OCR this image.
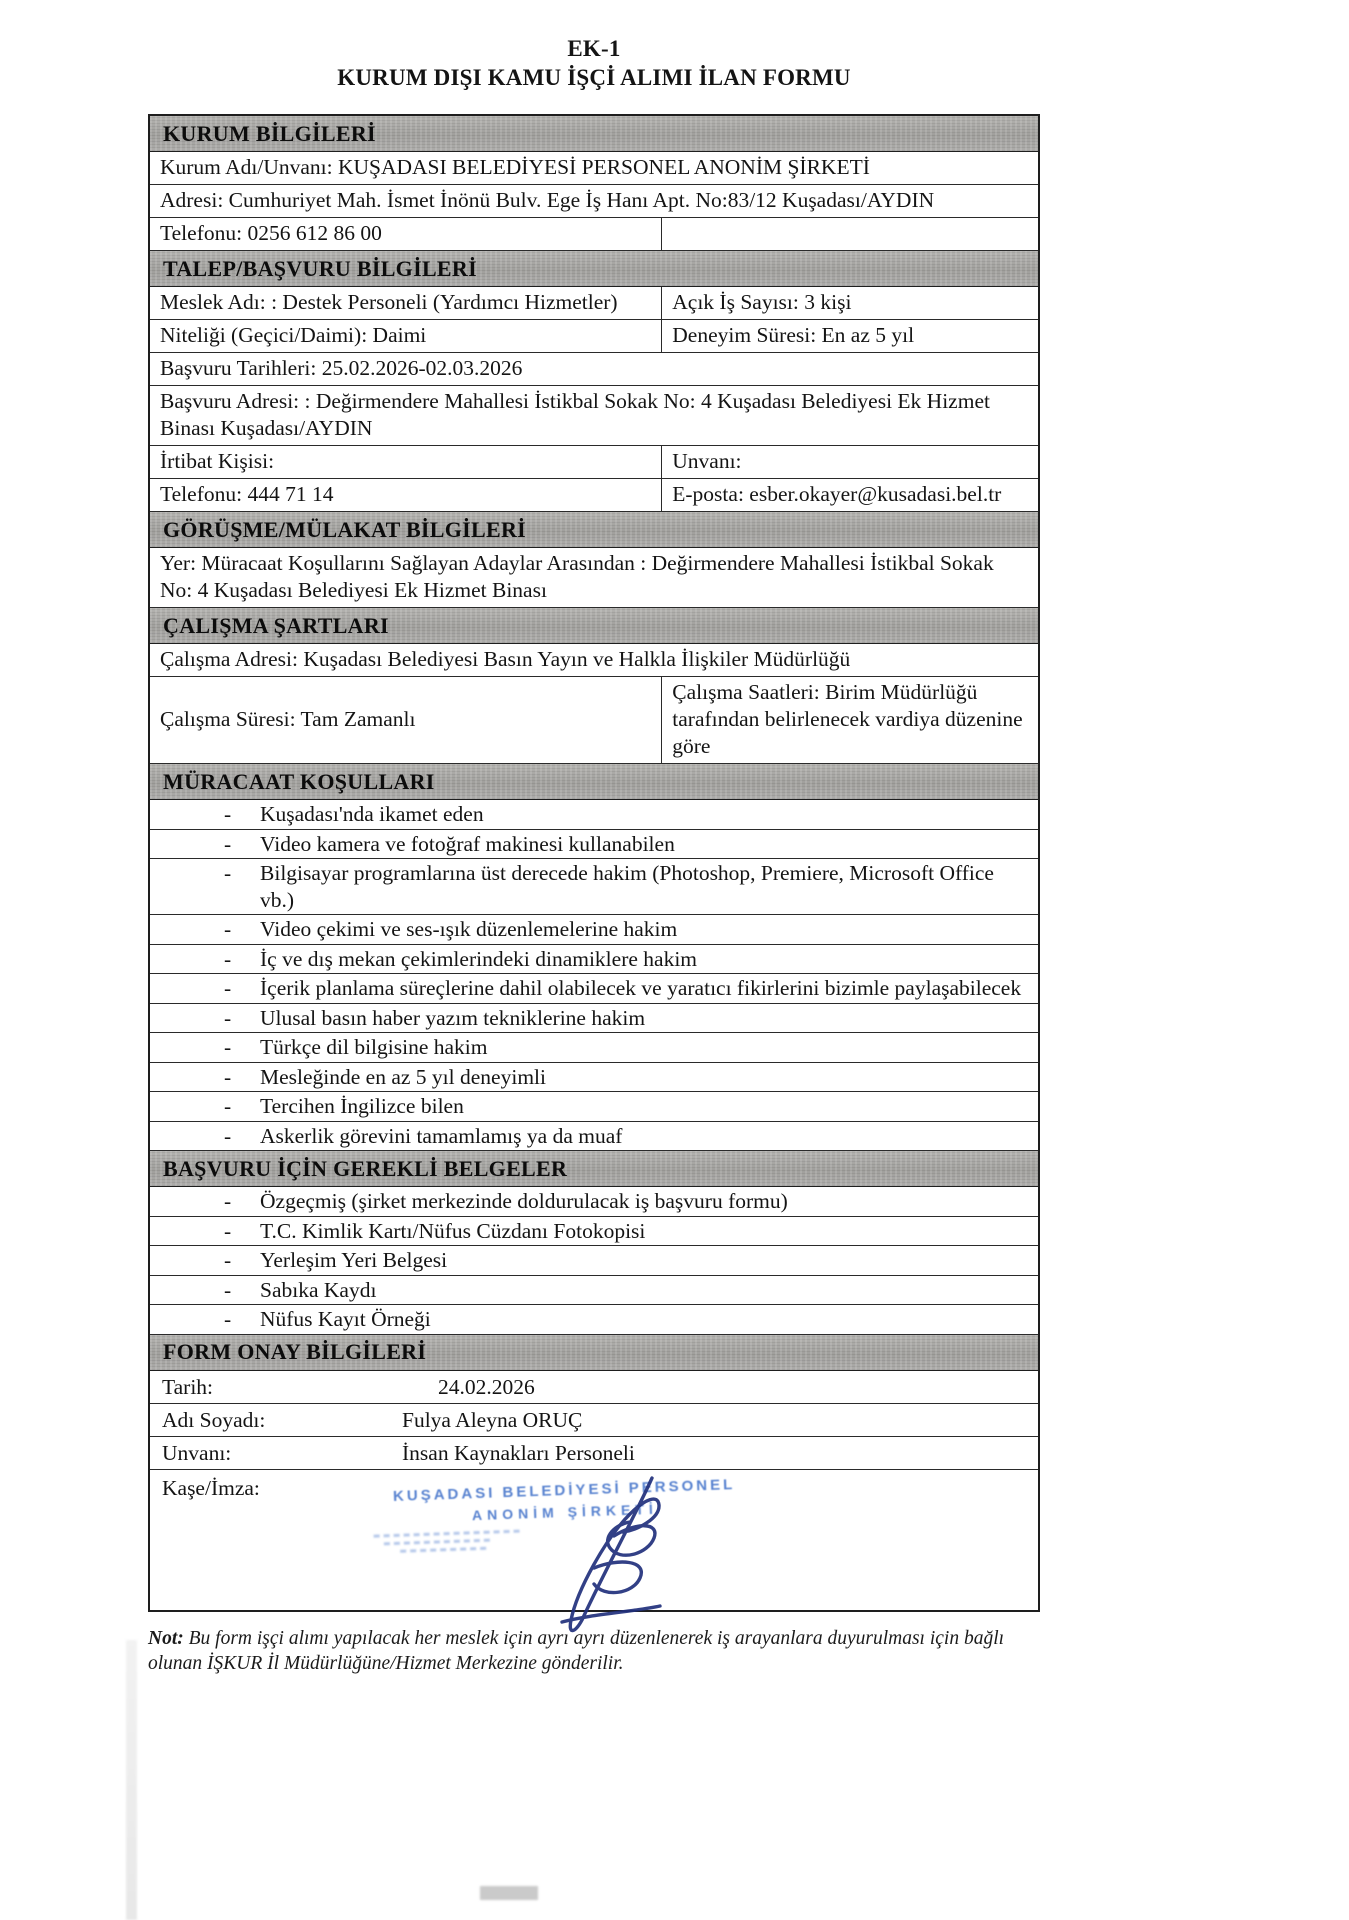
EK-1
KURUM DIŞI KAMU İŞÇİ ALIMI İLAN FORMU
KURUM BİLGİLERİ
Kurum Adı/Unvanı: KUŞADASI BELEDİYESİ PERSONEL ANONİM ŞİRKETİ
Adresi: Cumhuriyet Mah. İsmet İnönü Bulv. Ege İş Hanı Apt. No:83/12 Kuşadası/AYDIN
Telefonu: 0256 612 86 00
TALEP/BAŞVURU BİLGİLERİ
Meslek Adı: : Destek Personeli (Yardımcı Hizmetler)	Açık İş Sayısı: 3 kişi
Niteliği (Geçici/Daimi): Daimi	Deneyim Süresi: En az 5 yıl
Başvuru Tarihleri: 25.02.2026-02.03.2026
Başvuru Adresi: : Değirmendere Mahallesi İstikbal Sokak No: 4 Kuşadası Belediyesi Ek Hizmet Binası Kuşadası/AYDIN
İrtibat Kişisi:	Unvanı:
Telefonu: 444 71 14	E-posta: esber.okayer@kusadasi.bel.tr
GÖRÜŞME/MÜLAKAT BİLGİLERİ
Yer: Müracaat Koşullarını Sağlayan Adaylar Arasından : Değirmendere Mahallesi İstikbal Sokak No: 4 Kuşadası Belediyesi Ek Hizmet Binası
ÇALIŞMA ŞARTLARI
Çalışma Adresi: Kuşadası Belediyesi Basın Yayın ve Halkla İlişkiler Müdürlüğü
Çalışma Süresi: Tam Zamanlı
Çalışma Saatleri: Birim Müdürlüğü tarafından belirlenecek vardiya düzenine göre
MÜRACAAT KOŞULLARI
-
Kuşadası'nda ikamet eden
-
Video kamera ve fotoğraf makinesi kullanabilen
-
Bilgisayar programlarına üst derecede hakim (Photoshop, Premiere, Microsoft Office vb.)
-
Video çekimi ve ses-ışık düzenlemelerine hakim
-
İç ve dış mekan çekimlerindeki dinamiklere hakim
-
İçerik planlama süreçlerine dahil olabilecek ve yaratıcı fikirlerini bizimle paylaşabilecek
-
Ulusal basın haber yazım tekniklerine hakim
-
Türkçe dil bilgisine hakim
-
Mesleğinde en az 5 yıl deneyimli
-
Tercihen İngilizce bilen
-
Askerlik görevini tamamlamış ya da muaf
BAŞVURU İÇİN GEREKLİ BELGELER
-
Özgeçmiş (şirket merkezinde doldurulacak iş başvuru formu)
-
T.C. Kimlik Kartı/Nüfus Cüzdanı Fotokopisi
-
Yerleşim Yeri Belgesi
-
Sabıka Kaydı
-
Nüfus Kayıt Örneği
FORM ONAY BİLGİLERİ
Tarih:	24.02.2026
Adı Soyadı:	Fulya Aleyna ORUÇ
Unvanı:	İnsan Kaynakları Personeli
Kaşe/İmza:	KUŞADASI BELEDİYESİ PERSONEL
ANONİM ŞİRKETİ

Not: Bu form işçi alımı yapılacak her meslek için ayrı ayrı düzenlenerek iş arayanlara duyurulması için bağlı olunan İŞKUR İl Müdürlüğüne/Hizmet Merkezine gönderilir.
